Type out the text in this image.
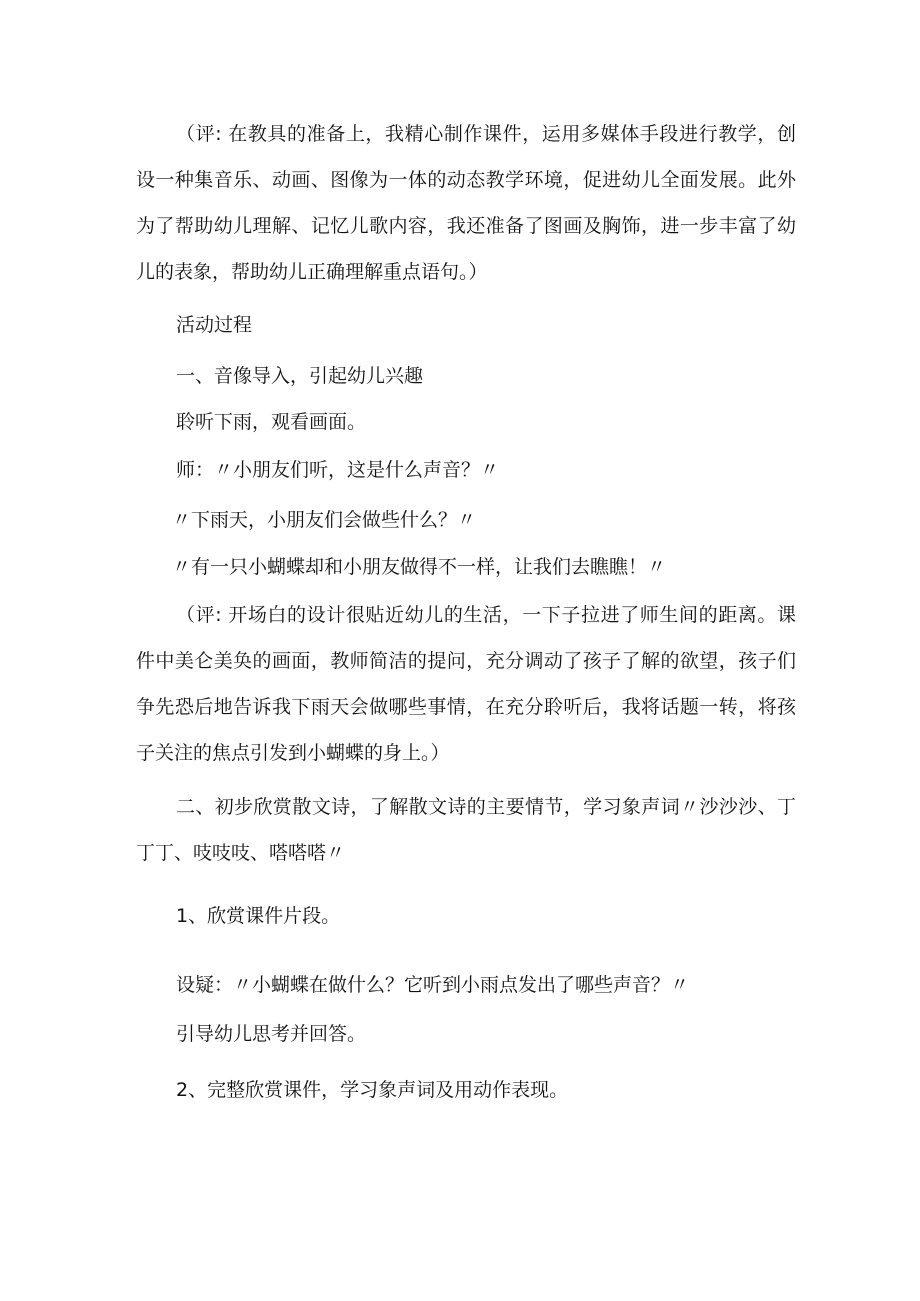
（评: 在教具的准备上，我精心制作课件，运用多媒体手段进行教学，创设一种集音乐、动画、图像为一体的动态教学环境，促进幼儿全面发展。此外为了帮助幼儿理解、记忆儿歌内容，我还准备了图画及胸饰，进一步丰富了幼儿的表象，帮助幼儿正确理解重点语句。）

活动过程

一、音像导入，引起幼儿兴趣

聆听下雨，观看画面。

师：〃小朋友们听，这是什么声音？〃

〃下雨天，小朋友们会做些什么？〃

〃有一只小蝴蝶却和小朋友做得不一样，让我们去瞧瞧！〃

（评: 开场白的设计很贴近幼儿的生活，一下子拉进了师生间的距离。课件中美仑美奂的画面，教师简洁的提问，充分调动了孩子了解的欲望，孩子们争先恐后地告诉我下雨天会做哪些事情，在充分聆听后，我将话题一转，将孩子关注的焦点引发到小蝴蝶的身上。）

二、初步欣赏散文诗，了解散文诗的主要情节，学习象声词〃沙沙沙、丁丁丁、吱吱吱、嗒嗒嗒〃

1、欣赏课件片段。

设疑：〃小蝴蝶在做什么？它听到小雨点发出了哪些声音？〃

引导幼儿思考并回答。

2、完整欣赏课件，学习象声词及用动作表现。
